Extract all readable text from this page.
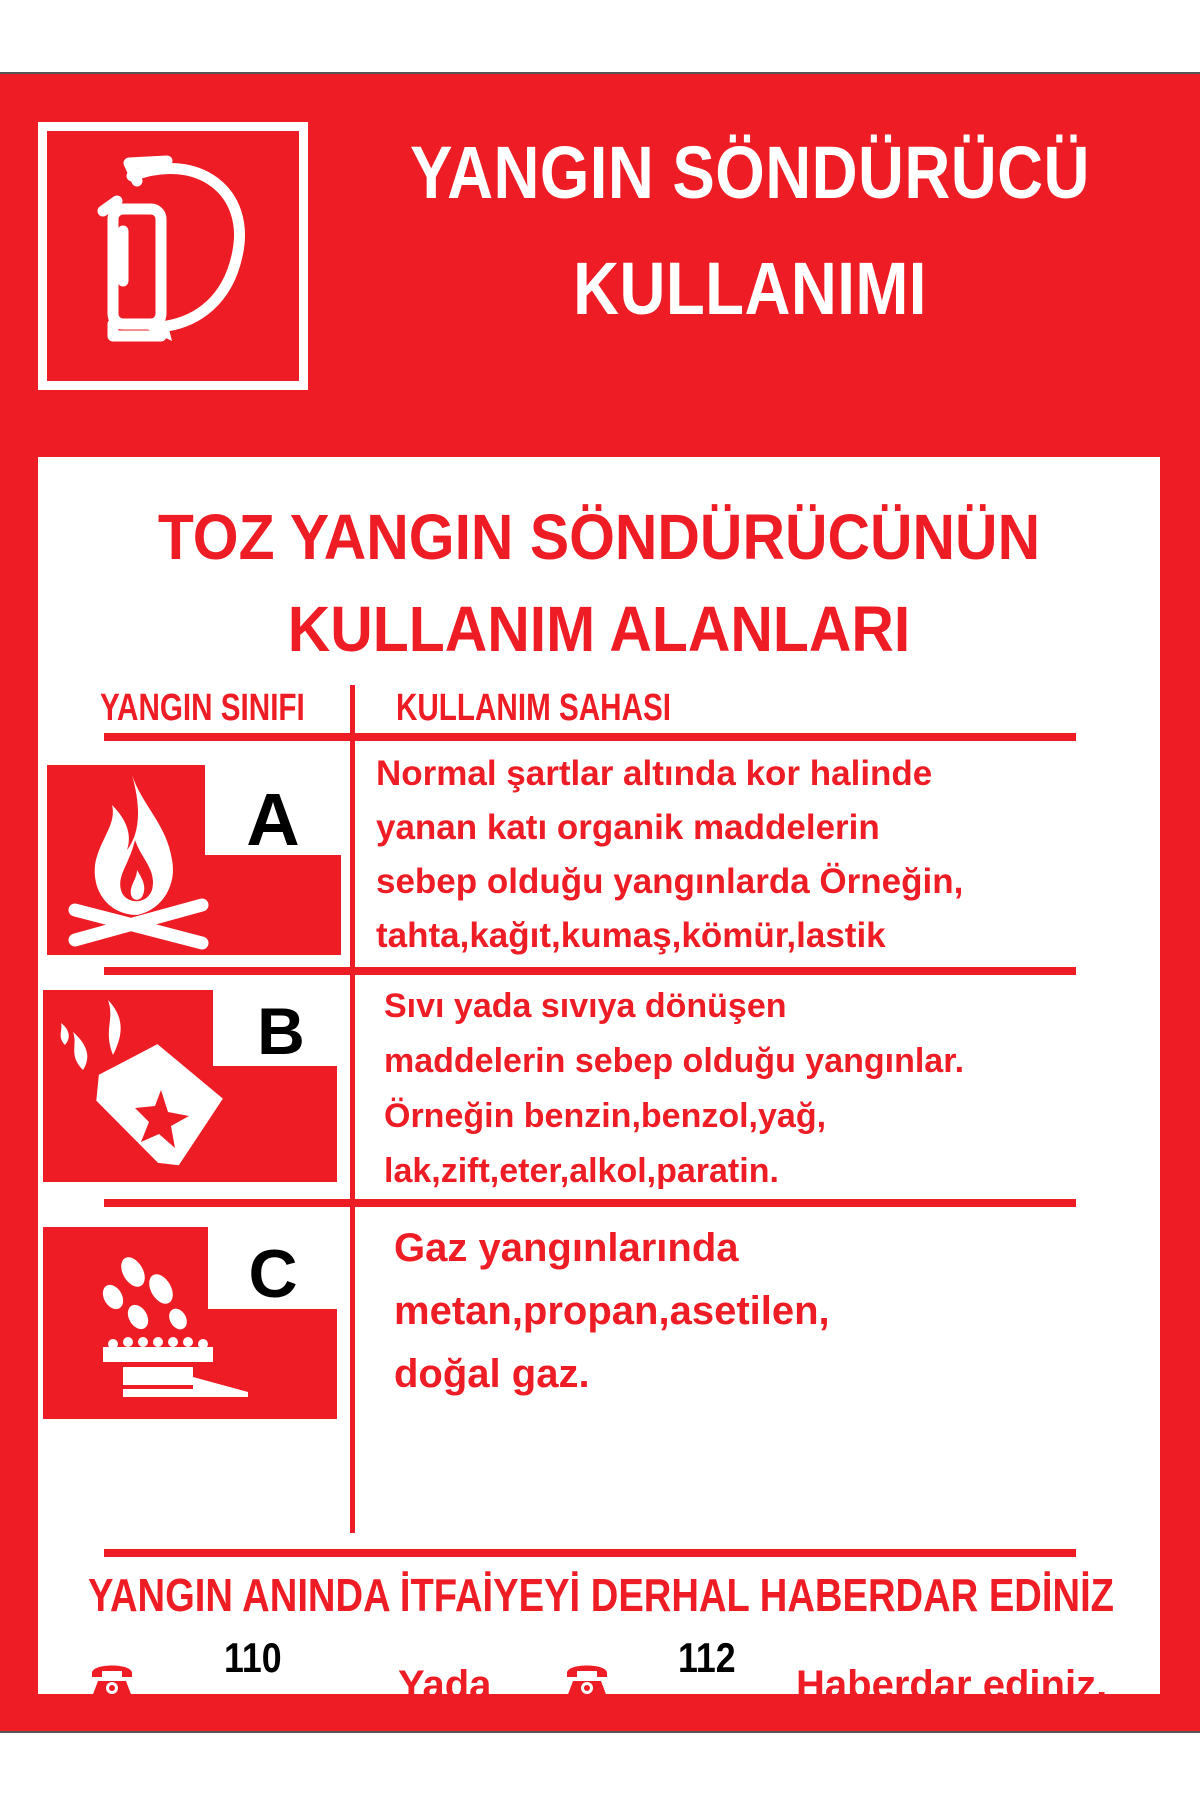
YANGIN SÖNDÜRÜCÜ
KULLANIMI
TOZ YANGIN SÖNDÜRÜCÜNÜN
KULLANIM ALANLARI
YANGIN SINIFI KULLANIM SAHASI
A
Normal şartlar altında kor halinde
yanan katı organik maddelerin
sebep olduğu yangınlarda Örneğin,
tahta,kağıt,kumaş,kömür,lastik
B Sıvı yada sıvıya dönüşen
maddelerin sebep olduğu yangınlar.
Örneğin benzin,benzol,yağ,
lak,zift,eter,alkol,paratin.
C Gaz yangınlarında
metan,propan,asetilen,
doğal gaz.
YANGIN ANINDA İTFAİYEYİ DERHAL HABERDAR EDİNİZ
..................
110
Yada	.............
112
Haberdar ediniz.
